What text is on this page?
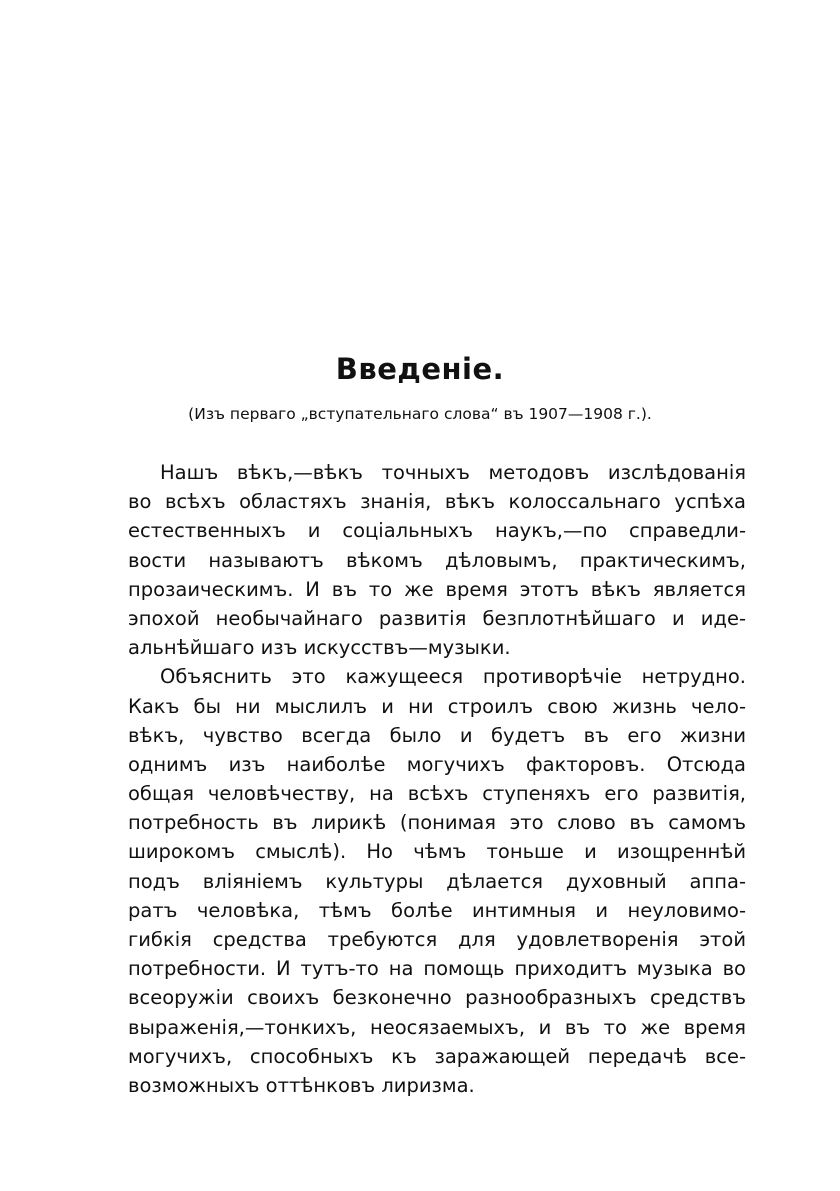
Введеніе.

(Изъ перваго „вступательнаго слова“ въ 1907—1908 г.).

Нашъ вѣкъ,—вѣкъ точныхъ методовъ изслѣдованія
во всѣхъ областяхъ знанія, вѣкъ колоссальнаго успѣха
естественныхъ и соціальныхъ наукъ,—по справедли-
вости называютъ вѣкомъ дѣловымъ, практическимъ,
прозаическимъ. И въ то же время этотъ вѣкъ является
эпохой необычайнаго развитія безплотнѣйшаго и иде-
альнѣйшаго изъ искусствъ—музыки.
Объяснить это кажущееся противорѣчіе нетрудно.
Какъ бы ни мыслилъ и ни строилъ свою жизнь чело-
вѣкъ, чувство всегда было и будетъ въ его жизни
однимъ изъ наиболѣе могучихъ факторовъ. Отсюда
общая человѣчеству, на всѣхъ ступеняхъ его развитія,
потребность въ лирикѣ (понимая это слово въ самомъ
широкомъ смыслѣ). Но чѣмъ тоньше и изощреннѣй
подъ вліяніемъ культуры дѣлается духовный аппа-
ратъ человѣка, тѣмъ болѣе интимныя и неуловимо-
гибкія средства требуются для удовлетворенія этой
потребности. И тутъ-то на помощь приходитъ музыка во
всеоружіи своихъ безконечно разнообразныхъ средствъ
выраженія,—тонкихъ, неосязаемыхъ, и въ то же время
могучихъ, способныхъ къ заражающей передачѣ все-
возможныхъ оттѣнковъ лиризма.
